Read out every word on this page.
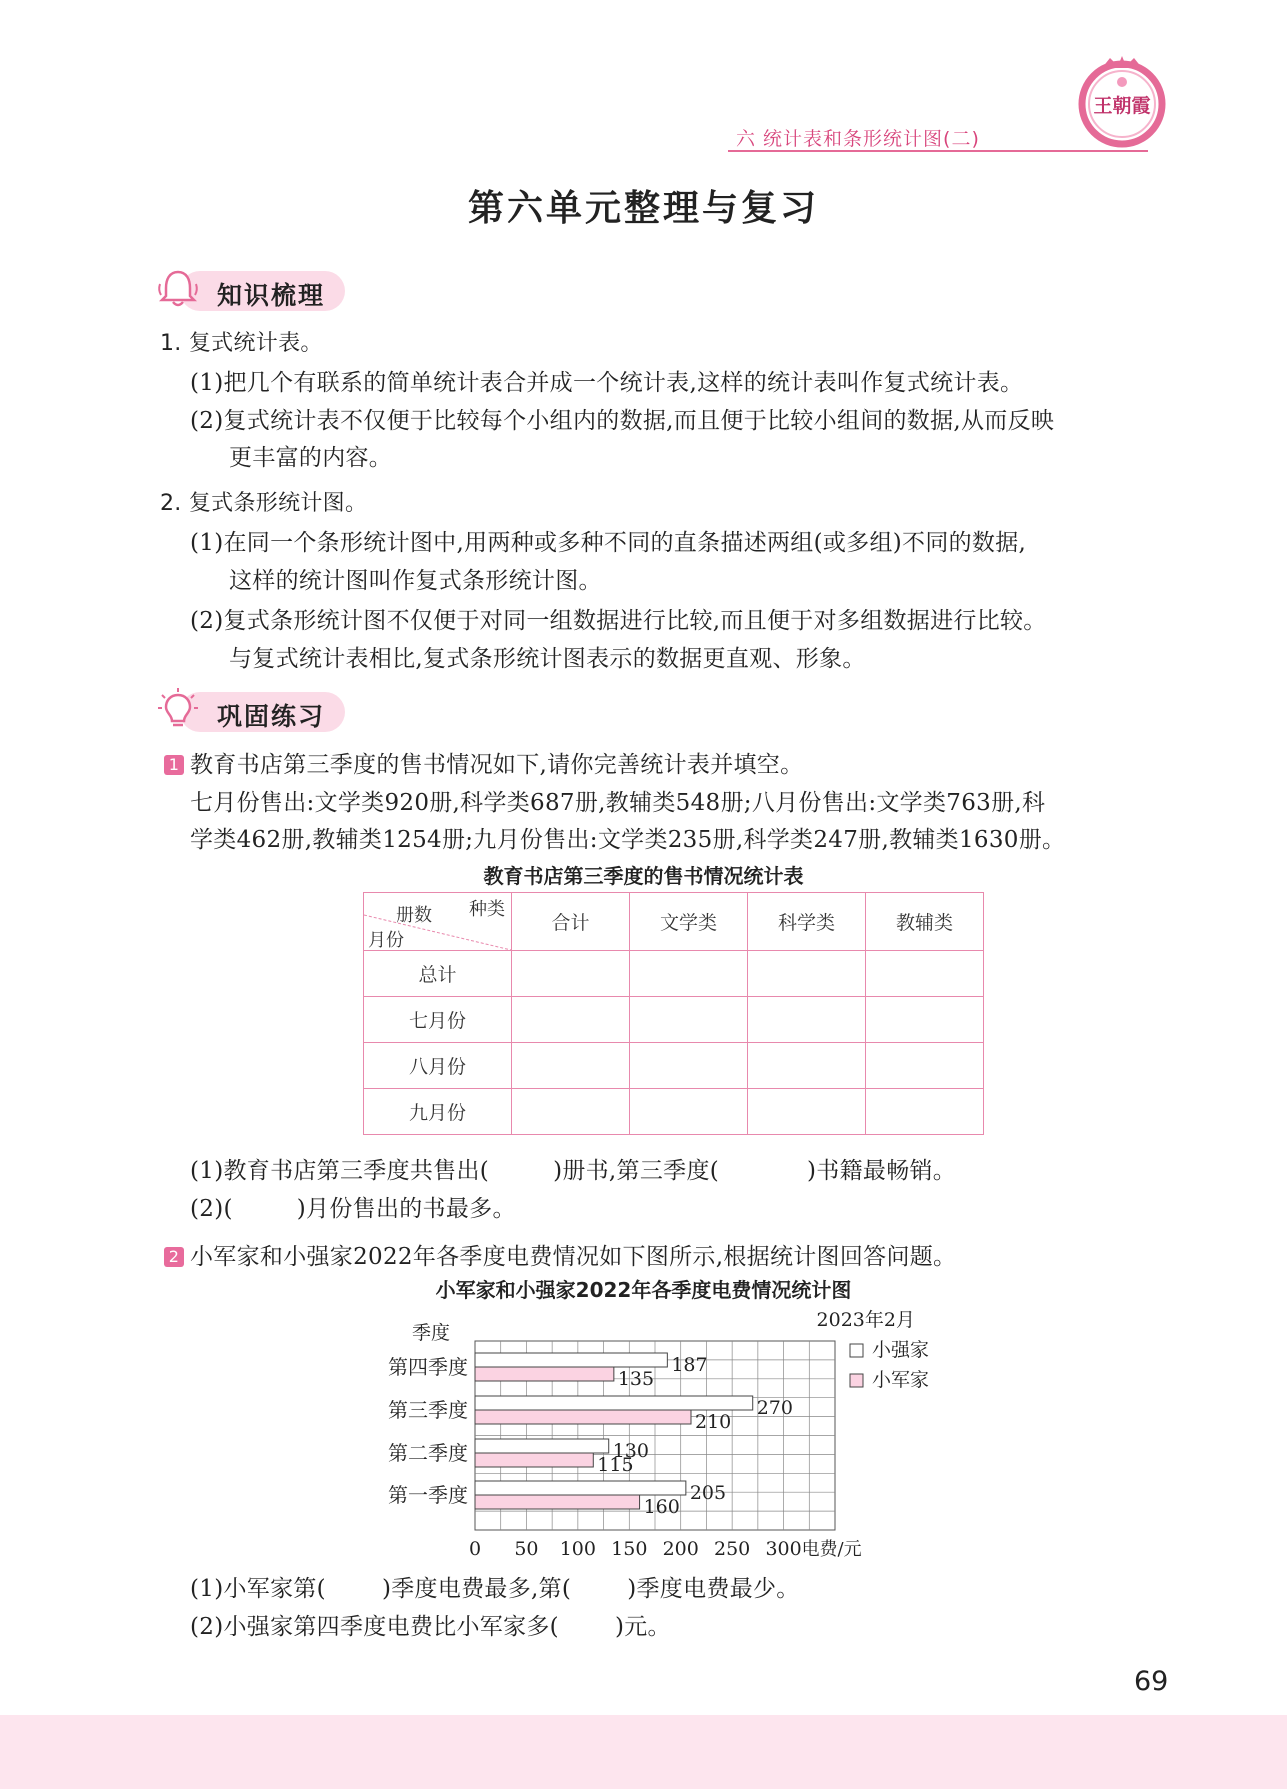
六 统计表和条形统计图(二)
王朝霞
第六单元整理与复习
知识梳理
1. 复式统计表。
(1)把几个有联系的简单统计表合并成一个统计表,这样的统计表叫作复式统计表。
(2)复式统计表不仅便于比较每个小组内的数据,而且便于比较小组间的数据,从而反映
更丰富的内容。
2. 复式条形统计图。
(1)在同一个条形统计图中,用两种或多种不同的直条描述两组(或多组)不同的数据,
这样的统计图叫作复式条形统计图。
(2)复式条形统计图不仅便于对同一组数据进行比较,而且便于对多组数据进行比较。
与复式统计表相比,复式条形统计图表示的数据更直观、形象。
巩固练习
1 教育书店第三季度的售书情况如下,请你完善统计表并填空。
七月份售出:文学类920册,科学类687册,教辅类548册;八月份售出:文学类763册,科
学类462册,教辅类1254册;九月份售出:文学类235册,科学类247册,教辅类1630册。
教育书店第三季度的售书情况统计表
种类
册数
月份	合计	文学类	科学类	教辅类
总计				
七月份				
八月份				
九月份				
(1)教育书店第三季度共售出(	)册书,第三季度(	)书籍最畅销。
(2)(	)月份售出的书最多。
2 小军家和小强家2022年各季度电费情况如下图所示,根据统计图回答问题。
小军家和小强家2022年各季度电费情况统计图
0 50 100 150 200 250 300 电费/元
季度
2023年2月
第四季度	187
135
第三季度	270
210
第二季度	130
115
第一季度	205
160
小强家
小军家
(1)小军家第( )季度电费最多,第( )季度电费最少。
(2)小强家第四季度电费比小军家多( )元。
69
